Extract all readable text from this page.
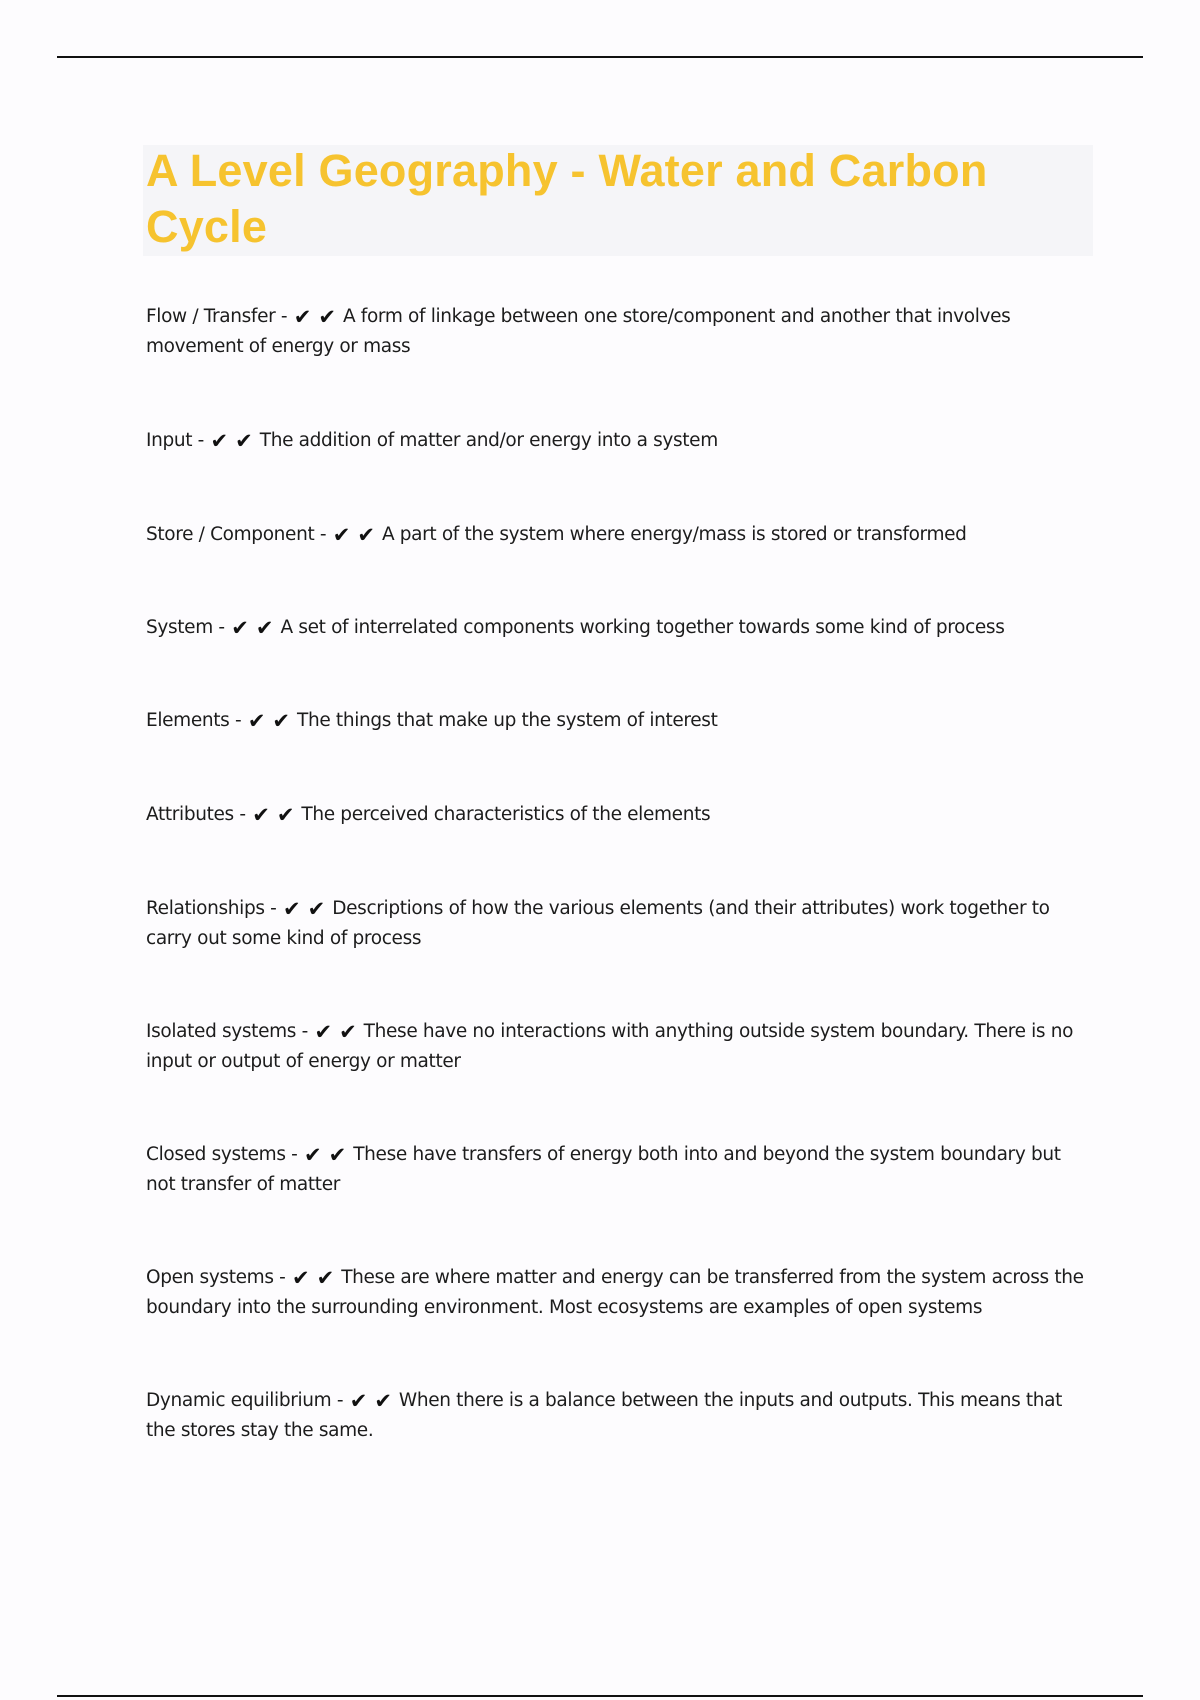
A Level Geography - Water and Carbon Cycle

Flow / Transfer - ✔✔A form of linkage between one store/component and another that involves movement of energy or mass

Input - ✔✔The addition of matter and/or energy into a system

Store / Component - ✔✔A part of the system where energy/mass is stored or transformed

System - ✔✔A set of interrelated components working together towards some kind of process

Elements - ✔✔The things that make up the system of interest

Attributes - ✔✔The perceived characteristics of the elements

Relationships - ✔✔Descriptions of how the various elements (and their attributes) work together to carry out some kind of process

Isolated systems - ✔✔These have no interactions with anything outside system boundary. There is no input or output of energy or matter

Closed systems - ✔✔These have transfers of energy both into and beyond the system boundary but not transfer of matter

Open systems - ✔✔These are where matter and energy can be transferred from the system across the boundary into the surrounding environment. Most ecosystems are examples of open systems

Dynamic equilibrium - ✔✔When there is a balance between the inputs and outputs. This means that the stores stay the same.
